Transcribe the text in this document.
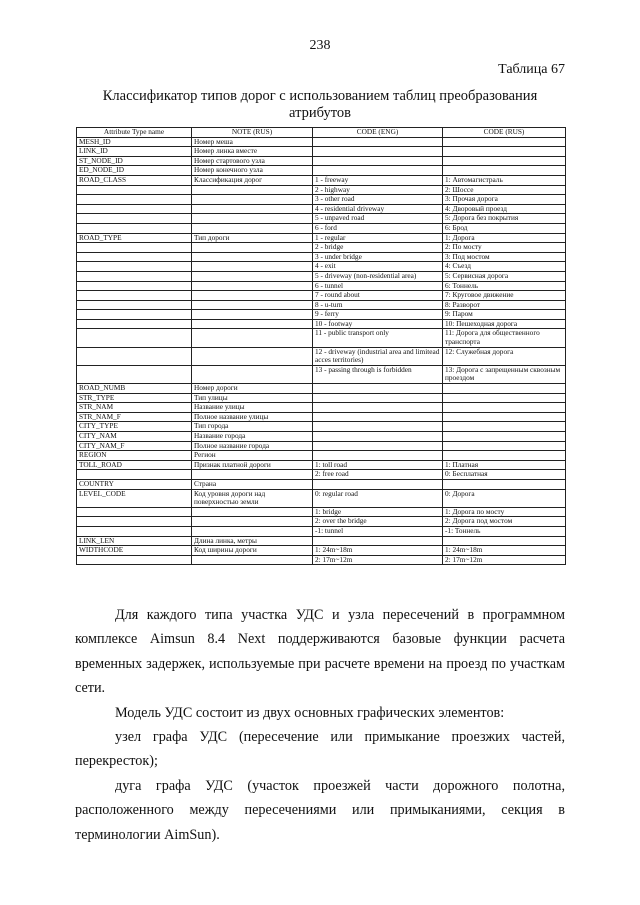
238
Таблица 67
Классификатор типов дорог с использованием таблиц преобразования атрибутов
Attribute Type name	NOTE (RUS)	CODE (ENG)	CODE (RUS)
MESH_ID	Номер меша		
LINK_ID	Номер линка вместе		
ST_NODE_ID	Номер стартового узла		
ED_NODE_ID	Номер конечного узла		
ROAD_CLASS	Классификация дорог	1 - freeway	1: Автомагистраль
		2 - highway	2: Шоссе
		3 - other road	3: Прочая дорога
		4 - residential driveway	4: Дворовый проезд
		5 - unpaved road	5: Дорога без покрытия
		6 - ford	6: Брод
ROAD_TYPE	Тип дороги	1 - regular	1: Дорога
		2 - bridge	2: По мосту
		3 - under bridge	3: Под мостом
		4 - exit	4: Съезд
		5 - driveway (non-residential area)	5: Сервисная дорога
		6 - tunnel	6: Тоннель
		7 - round about	7: Круговое движение
		8 - u-turn	8: Разворот
		9 - ferry	9: Паром
		10 - footway	10: Пешеходная дорога
		11 - public transport only	11: Дорога для общественного транспорта
		12 - driveway (industrial area and limitead acces territories)	12: Служебная дорога
		13 - passing through is forbidden	13: Дорога с запрещенным сквозным проездом
ROAD_NUMB	Номер дороги		
STR_TYPE	Тип улицы		
STR_NAM	Название улицы		
STR_NAM_F	Полное название улицы		
CITY_TYPE	Тип города		
CITY_NAM	Название города		
CITY_NAM_F	Полное название города		
REGION	Регион		
TOLL_ROAD	Признак платной дороги	1: toll road	1: Платная
		2: free road	0: Бесплатная
COUNTRY	Страна		
LEVEL_CODE	Код уровня дороги над поверхностью земли	0: regular road	0: Дорога
		1: bridge	1: Дорога по мосту
		2: over the bridge	2: Дорога под мостом
		-1: tunnel	-1: Тоннель
LINK_LEN	Длина линка, метры		
WIDTHCODE	Код ширины дороги	1: 24m~18m	1: 24m~18m
		2: 17m~12m	2: 17m~12m

Для каждого типа участка УДС и узла пересечений в программном комплексе Aimsun 8.4 Next поддерживаются базовые функции расчета временных задержек, используемые при расчете времени на проезд по участкам сети.

Модель УДС состоит из двух основных графических элементов:

узел графа УДС (пересечение или примыкание проезжих частей, перекресток);

дуга графа УДС (участок проезжей части дорожного полотна, расположенного между пересечениями или примыканиями, секция в терминологии AimSun).
